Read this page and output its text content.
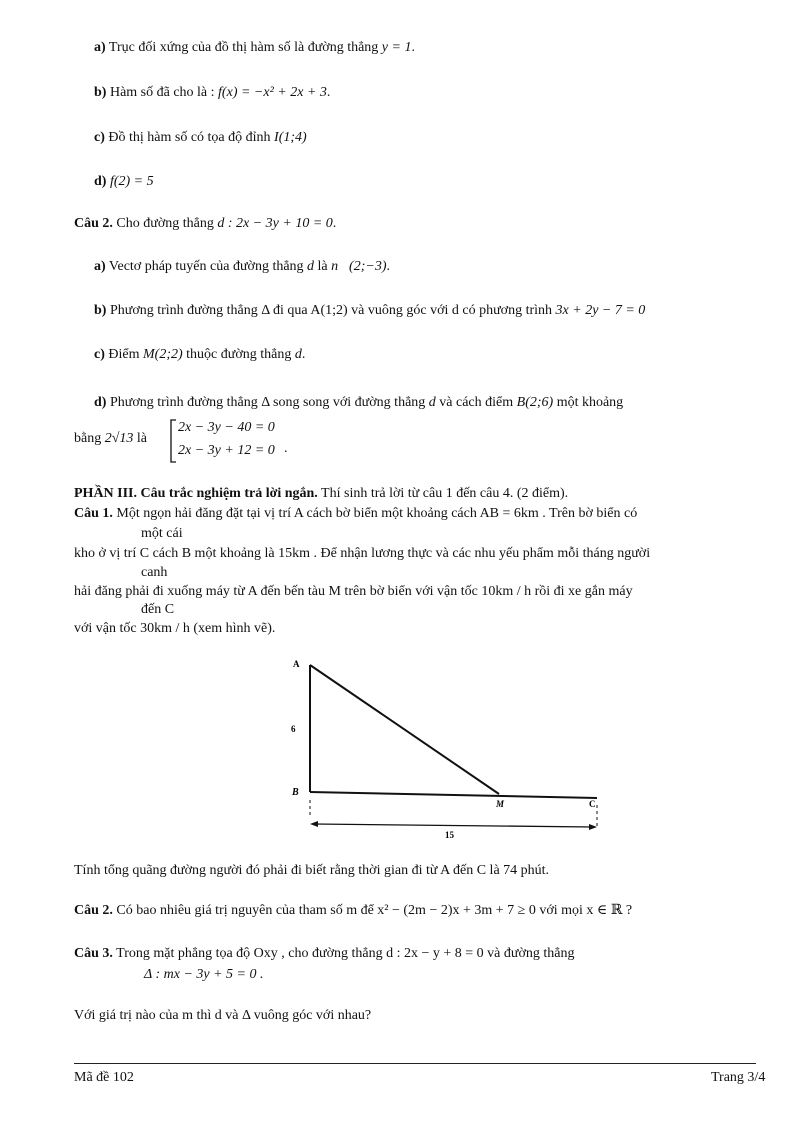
a) Trục đối xứng của đồ thị hàm số là đường thẳng y = 1.
b) Hàm số đã cho là : f(x) = −x² + 2x + 3.
c) Đồ thị hàm số có tọa độ đỉnh I(1;4)
d) f(2) = 5
Câu 2. Cho đường thẳng d : 2x − 3y + 10 = 0.
a) Vectơ pháp tuyến của đường thẳng d là n⃗(2;−3).
b) Phương trình đường thẳng Δ đi qua A(1;2) và vuông góc với d có phương trình 3x + 2y − 7 = 0
c) Điểm M(2;2) thuộc đường thẳng d.
d) Phương trình đường thẳng Δ song song với đường thẳng d và cách điểm B(2;6) một khoảng
bằng 2√13 là
2x − 3y − 40 = 0
2x − 3y + 12 = 0 .
PHẦN III. Câu trắc nghiệm trả lời ngắn. Thí sinh trả lời từ câu 1 đến câu 4. (2 điểm).
Câu 1. Một ngọn hải đăng đặt tại vị trí A cách bờ biển một khoảng cách AB = 6km . Trên bờ biển có
một cái
kho ở vị trí C cách B một khoảng là 15km . Để nhận lương thực và các nhu yếu phẩm mỗi tháng người
canh
hải đăng phải đi xuống máy từ A đến bến tàu M trên bờ biển với vận tốc 10km / h rồi đi xe gắn máy
đến C
với vận tốc 30km / h (xem hình vẽ).
A
6
B
M	C
15
Tính tổng quãng đường người đó phải đi biết rằng thời gian đi từ A đến C là 74 phút.
Câu 2. Có bao nhiêu giá trị nguyên của tham số m để x² − (2m − 2)x + 3m + 7 ≥ 0 với mọi x ∈ ℝ ?
Câu 3. Trong mặt phẳng tọa độ Oxy , cho đường thẳng d : 2x − y + 8 = 0 và đường thẳng
Δ : mx − 3y + 5 = 0 .
Với giá trị nào của m thì d và Δ vuông góc với nhau?
Mã đề 102	Trang 3/4
